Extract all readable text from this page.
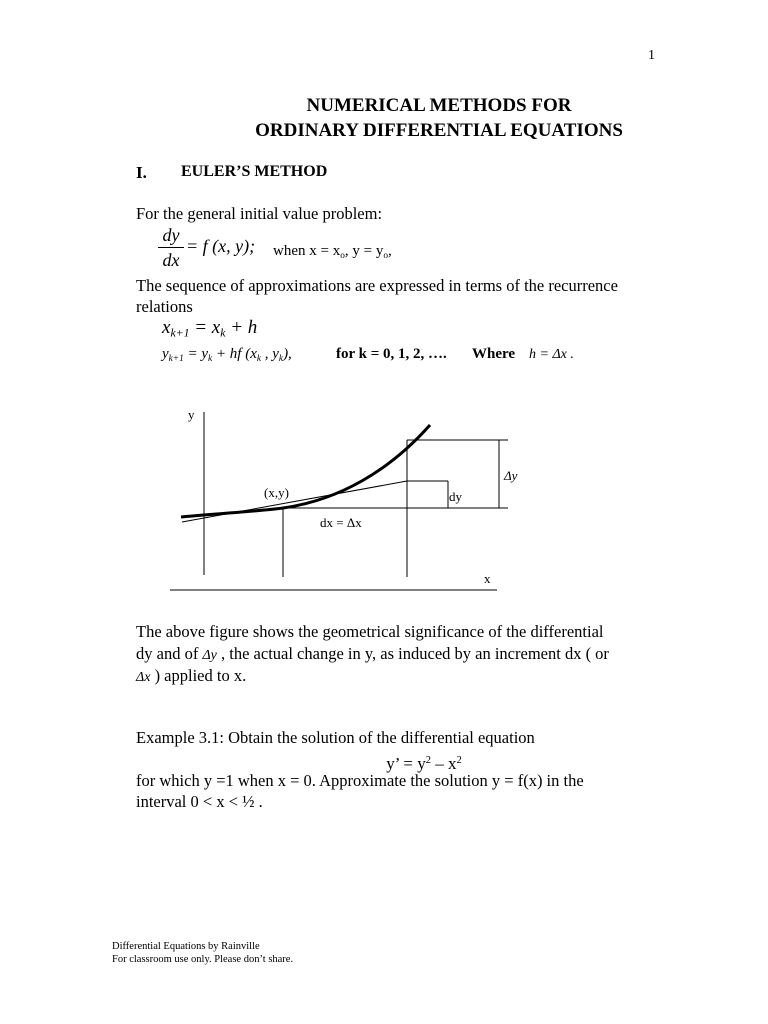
1
NUMERICAL METHODS FOR
ORDINARY DIFFERENTIAL EQUATIONS
I. EULER’S METHOD
For the general initial value problem:
dy
dx
= f (x, y); when $x = x_o$, $y = y_o$,
The sequence of approximations are expressed in terms of the recurrence
relations
$x_{k+1} = x_k + h$
$y_{k+1} = y_k$ + hf ($x_k$ , $y_k$),	for k = 0, 1, 2, …. Where h = Δx .
y
x
(x,y)	dy
dx = Δx
Δy
The above figure shows the geometrical significance of the differential
dy and of Δy , the actual change in y, as induced by an increment dx ( or
Δx ) applied to x.
Example 3.1: Obtain the solution of the differential equation
y’ = $y^2 - x^2$
for which y =1 when x = 0. Approximate the solution y = f(x) in the
interval 0 < x < ½ .
Differential Equations by Rainville
For classroom use only. Please don’t share.
